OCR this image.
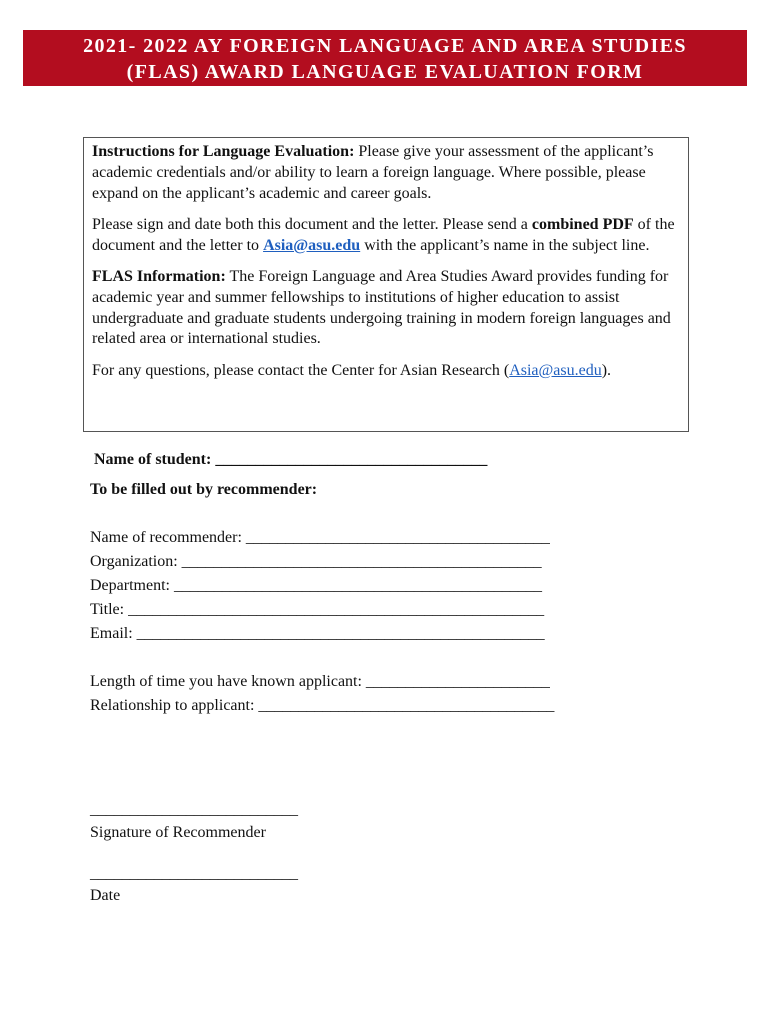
2021- 2022 AY FOREIGN LANGUAGE AND AREA STUDIES
(FLAS) AWARD LANGUAGE EVALUATION FORM

Instructions for Language Evaluation: Please give your assessment of the applicant’s academic credentials and/or ability to learn a foreign language. Where possible, please expand on the applicant’s academic and career goals.

Please sign and date both this document and the letter. Please send a combined PDF of the document and the letter to Asia@asu.edu with the applicant’s name in the subject line.

FLAS Information: The Foreign Language and Area Studies Award provides funding for academic year and summer fellowships to institutions of higher education to assist undergraduate and graduate students undergoing training in modern foreign languages and related area or international studies.

For any questions, please contact the Center for Asian Research (Asia@asu.edu).

Name of student: __________________________________
To be filled out by recommender:
Name of recommender: ______________________________________
Organization: _____________________________________________
Department: ______________________________________________
Title: ____________________________________________________
Email: ___________________________________________________
Length of time you have known applicant: _______________________
Relationship to applicant: _____________________________________
__________________________
Signature of Recommender
__________________________
Date
